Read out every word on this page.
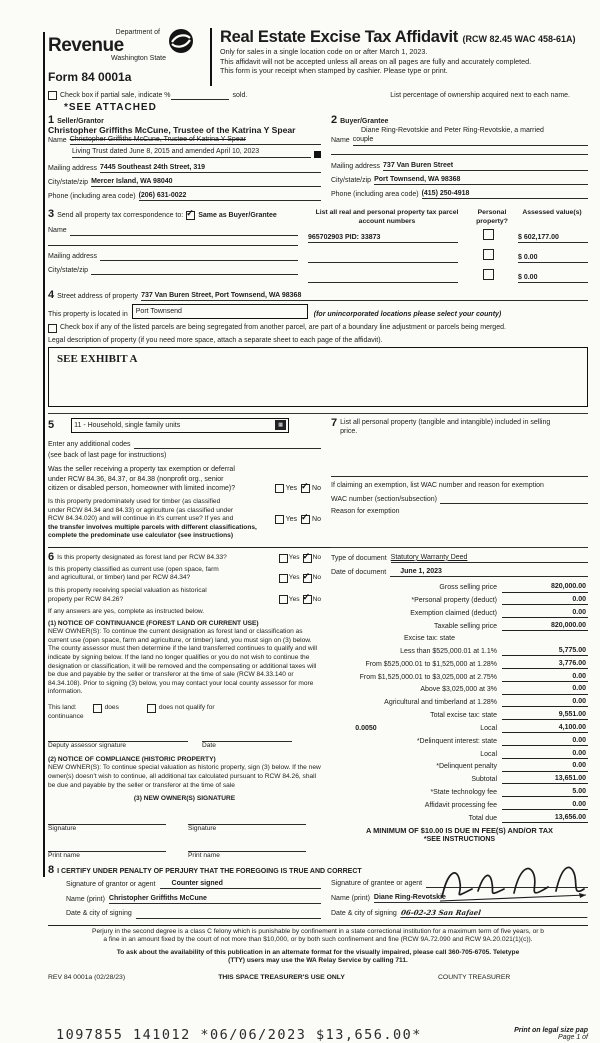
Department of
Revenue
Washington State
Form 84 0001a
Real Estate Excise Tax Affidavit (RCW 82.45 WAC 458-61A)
Only for sales in a single location code on or after March 1, 2023.
This affidavit will not be accepted unless all areas on all pages are fully and accurately completed.
This form is your receipt when stamped by cashier. Please type or print.
Check box if partial sale, indicate %	sold.	List percentage of ownership acquired next to each name.
*SEE ATTACHED
1 Seller/Grantor
Christopher Griffiths McCune, Trustee of the Katrina Y Spear
Name Christopher Griffiths McCune, Trustee of Katrina Y Spear
Living Trust dated June 8, 2015 and amended April 10, 2023
Mailing address 7445 Southeast 24th Street, 319
City/state/zip Mercer Island, WA 98040
Phone (including area code) (206) 631-0022
2 Buyer/Grantee
Diane Ring-Revotskie and Peter Ring-Revotskie, a married
Name couple
Mailing address 737 Van Buren Street
City/state/zip Port Townsend, WA 98368
Phone (including area code) (415) 250-4918
3 Send all property tax correspondence to: ✓ Same as Buyer/Grantee
Name
Mailing address
City/state/zip
List all real and personal property tax parcel account numbers
Personal property?
Assessed value(s)
965702903 PID: 33873	$ 602,177.00
$ 0.00
$ 0.00
4 Street address of property 737 Van Buren Street, Port Townsend, WA 98368
This property is located in Port Townsend	(for unincorporated locations please select your county)
Check box if any of the listed parcels are being segregated from another parcel, are part of a boundary line adjustment or parcels being merged.
Legal description of property (if you need more space, attach a separate sheet to each page of the affidavit).
SEE EXHIBIT A
5	11 - Household, single family units	▦
Enter any additional codes
(see back of last page for instructions)
Was the seller receiving a property tax exemption or deferral
under RCW 84.36, 84.37, or 84.38 (nonprofit org., senior
citizen or disabled person, homeowner with limited income)?	Yes ✓ No
Is this property predominately used for timber (as classified
under RCW 84.34 and 84.33) or agriculture (as classified under
RCW 84.34.020) and will continue in it's current use? If yes and
the transfer involves multiple parcels with different classifications,
complete the predominate use calculator (see instructions)
Yes ✓ No
7 List all personal property (tangible and intangible) included in selling
price.
If claiming an exemption, list WAC number and reason for exemption
WAC number (section/subsection)
Reason for exemption
6 Is this property designated as forest land per RCW 84.33?	Yes ✓ No
Is this property classified as current use (open space, farm
and agricultural, or timber) land per RCW 84.34?	Yes ✓ No
Is this property receiving special valuation as historical
property per RCW 84.26?	Yes ✓ No
If any answers are yes, complete as instructed below.
(1) NOTICE OF CONTINUANCE (FOREST LAND OR CURRENT USE)
NEW OWNER(S): To continue the current designation as forest land or classification as current use (open space, farm and agriculture, or timber) land, you must sign on (3) below. The county assessor must then determine if the land transferred continues to qualify and will indicate by signing below. If the land no longer qualifies or you do not wish to continue the designation or classification, it will be removed and the compensating or additional taxes will be due and payable by the seller or transferor at the time of sale (RCW 84.33.140 or 84.34.108). Prior to signing (3) below, you may contact your local county assessor for more information.
This land:	does	does not qualify for
continuance
Deputy assessor signature	Date
(2) NOTICE OF COMPLIANCE (HISTORIC PROPERTY)
NEW OWNER(S): To continue special valuation as historic property, sign (3) below. If the new owner(s) doesn't wish to continue, all additional tax calculated pursuant to RCW 84.26, shall be due and payable by the seller or transferor at the time of sale
(3) NEW OWNER(S) SIGNATURE
Signature	Signature
Print name	Print name
Type of document Statutory Warranty Deed
Date of document	June 1, 2023
Gross selling price	820,000.00
*Personal property (deduct)	0.00
Exemption claimed (deduct)	0.00
Taxable selling price	820,000.00
Excise tax: state
Less than $525,000.01 at 1.1%	5,775.00
From $525,000.01 to $1,525,000 at 1.28%	3,776.00
From $1,525,000.01 to $3,025,000 at 2.75%	0.00
Above $3,025,000 at 3%	0.00
Agricultural and timberland at 1.28%	0.00
Total excise tax: state	9,551.00
0.0050	Local	4,100.00
*Delinquent interest: state	0.00
Local	0.00
*Delinquent penalty	0.00
Subtotal	13,651.00
*State technology fee	5.00
Affidavit processing fee	0.00
Total due	13,656.00
A MINIMUM OF $10.00 IS DUE IN FEE(S) AND/OR TAX
*SEE INSTRUCTIONS
8 I CERTIFY UNDER PENALTY OF PERJURY THAT THE FOREGOING IS TRUE AND CORRECT
Signature of grantor or agent	Counter signed
Name (print) Christopher Griffiths McCune
Date & city of signing
Signature of grantee or agent
Name (print) Diane Ring-Revotskie
Date & city of signing 06-02-23 San Rafael
Perjury in the second degree is a class C felony which is punishable by confinement in a state correctional institution for a maximum term of five years, or b
a fine in an amount fixed by the court of not more than $10,000, or by both such confinement and fine (RCW 9A.72.090 and RCW 9A.20.021(1)(c)).
To ask about the availability of this publication in an alternate format for the visually impaired, please call 360-705-6705. Teletype
(TTY) users may use the WA Relay Service by calling 711.
REV 84 0001a (02/28/23)	THIS SPACE TREASURER'S USE ONLY	COUNTY TREASURER
1097855 141012 *06/06/2023 $13,656.00*	Print on legal size pap
Page 1 of
